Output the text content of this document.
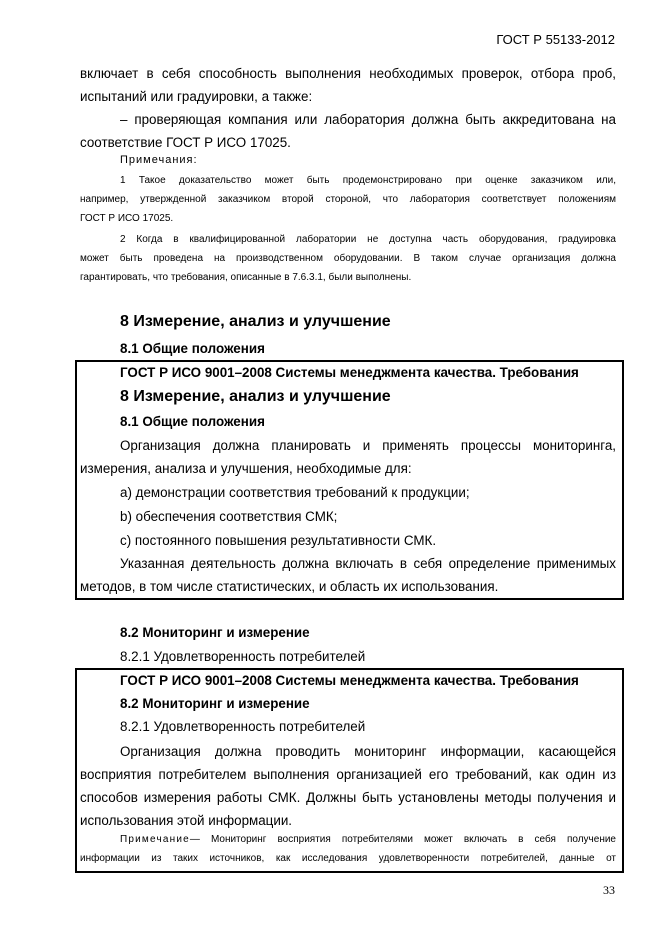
ГОСТ Р 55133-2012
включает в себя способность выполнения необходимых проверок, отбора проб,
испытаний или градуировки, а также:
– проверяющая компания или лаборатория должна быть аккредитована на
соответствие ГОСТ Р ИСО 17025.
Примечания:
1 Такое доказательство может быть продемонстрировано при оценке заказчиком или,
например, утвержденной заказчиком второй стороной, что лаборатория соответствует положениям
ГОСТ Р ИСО 17025.
2 Когда в квалифицированной лаборатории не доступна часть оборудования, градуировка
может быть проведена на производственном оборудовании. В таком случае организация должна
гарантировать, что требования, описанные в 7.6.3.1, были выполнены.
8 Измерение, анализ и улучшение
8.1 Общие положения
ГОСТ Р ИСО 9001–2008 Системы менеджмента качества. Требования
8 Измерение, анализ и улучшение
8.1 Общие положения
Организация должна планировать и применять процессы мониторинга,
измерения, анализа и улучшения, необходимые для:
a) демонстрации соответствия требований к продукции;
b) обеспечения соответствия СМК;
c) постоянного повышения результативности СМК.
Указанная деятельность должна включать в себя определение применимых
методов, в том числе статистических, и область их использования.
8.2 Мониторинг и измерение
8.2.1 Удовлетворенность потребителей
ГОСТ Р ИСО 9001–2008 Системы менеджмента качества. Требования
8.2 Мониторинг и измерение
8.2.1 Удовлетворенность потребителей
Организация должна проводить мониторинг информации, касающейся
восприятия потребителем выполнения организацией его требований, как один из
способов измерения работы СМК. Должны быть установлены методы получения и
использования этой информации.
Примечание — Мониторинг восприятия потребителями может включать в себя получение
информации из таких источников, как исследования удовлетворенности потребителей, данные от
33
